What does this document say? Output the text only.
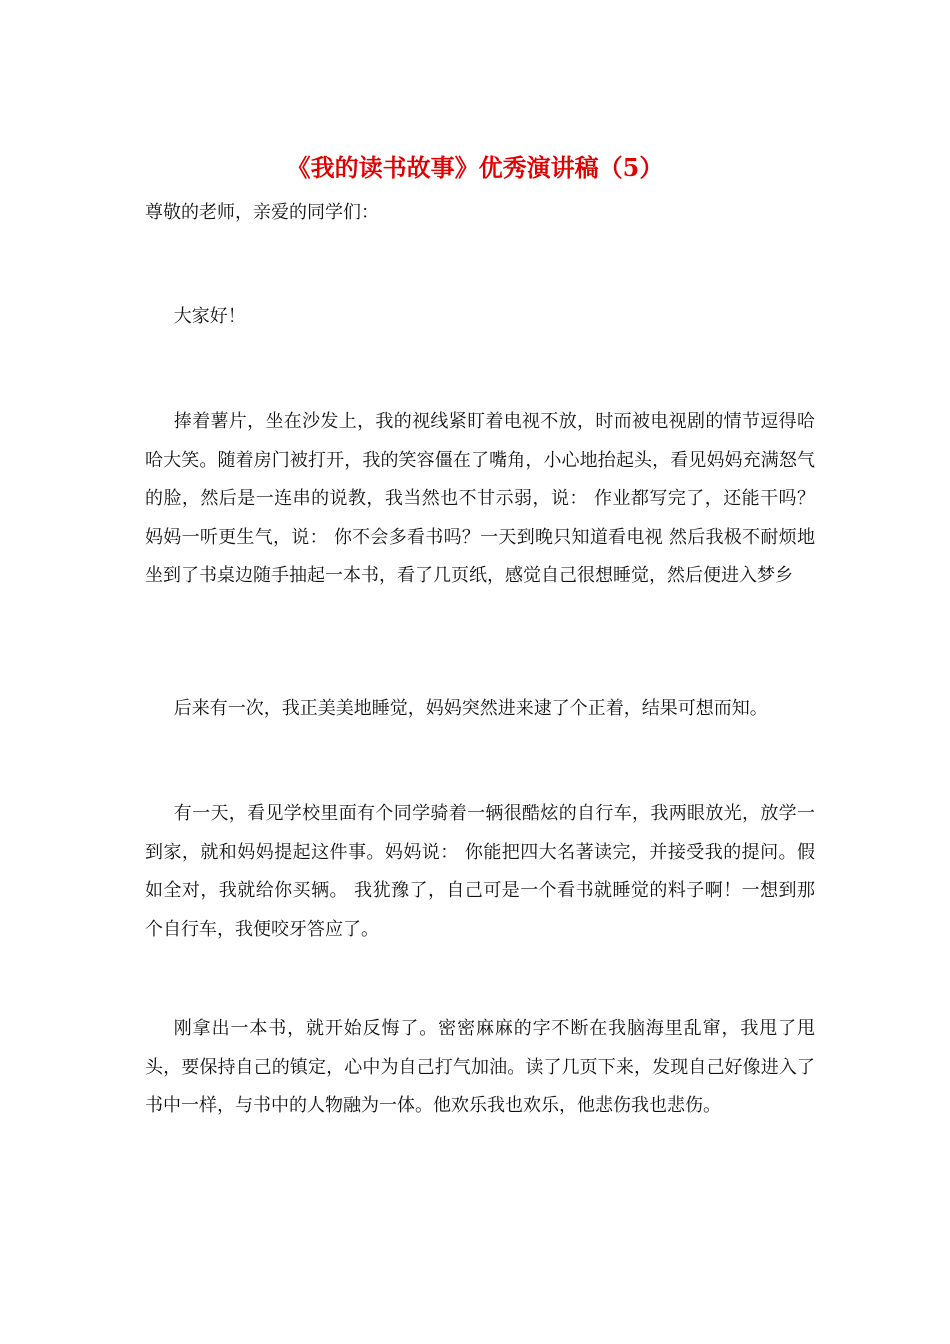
《我的读书故事》优秀演讲稿（5）

尊敬的老师，亲爱的同学们：

大家好！

捧着薯片，坐在沙发上，我的视线紧盯着电视不放，时而被电视剧的情节逗得哈哈大笑。随着房门被打开，我的笑容僵在了嘴角，小心地抬起头，看见妈妈充满怒气的脸，然后是一连串的说教，我当然也不甘示弱，说： 作业都写完了，还能干吗？ 妈妈一听更生气，说： 你不会多看书吗？一天到晚只知道看电视 然后我极不耐烦地坐到了书桌边随手抽起一本书，看了几页纸，感觉自己很想睡觉，然后便进入梦乡

后来有一次，我正美美地睡觉，妈妈突然进来逮了个正着，结果可想而知。

有一天，看见学校里面有个同学骑着一辆很酷炫的自行车，我两眼放光，放学一到家，就和妈妈提起这件事。妈妈说： 你能把四大名著读完，并接受我的提问。假如全对，我就给你买辆。 我犹豫了，自己可是一个看书就睡觉的料子啊！一想到那个自行车，我便咬牙答应了。

刚拿出一本书，就开始反悔了。密密麻麻的字不断在我脑海里乱窜，我甩了甩头，要保持自己的镇定，心中为自己打气加油。读了几页下来，发现自己好像进入了书中一样，与书中的人物融为一体。他欢乐我也欢乐，他悲伤我也悲伤。
